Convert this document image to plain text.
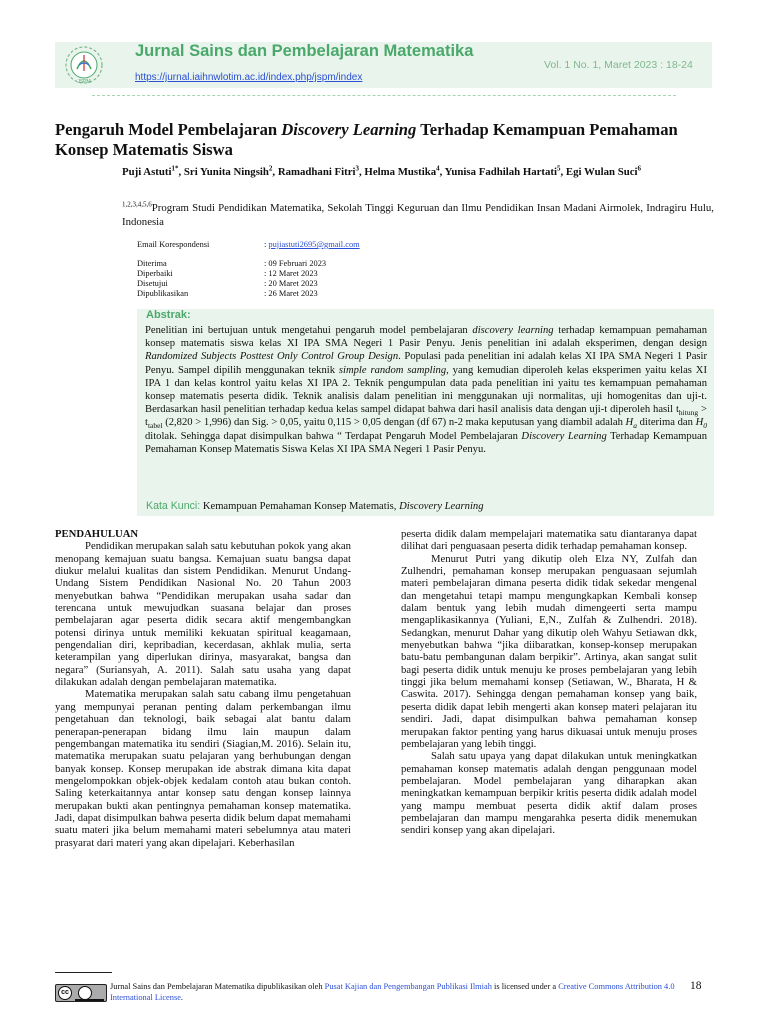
JSPM
Jurnal Sains dan Pembelajaran Matematika
https://jurnal.iaihnwlotim.ac.id/index.php/jspm/index
Vol. 1 No. 1, Maret 2023 : 18-24
Pengaruh Model Pembelajaran Discovery Learning Terhadap Kemampuan Pemahaman Konsep Matematis Siswa
Puji Astuti$^{1*}$, Sri Yunita Ningsih$^2$, Ramadhani Fitri$^3$, Helma Mustika$^4$, Yunisa Fadhilah Hartati$^5$, Egi Wulan Suci$^6$
$^{1,2,3,4,5,6}$Program Studi Pendidikan Matematika, Sekolah Tinggi Keguruan dan Ilmu Pendidikan Insan Madani Airmolek, Indragiru Hulu, Indonesia
Email Korespondensi	: pujiastuti2695@gmail.com
Diterima	: 09 Februari 2023
Diperbaiki	: 12 Maret 2023
Disetujui	: 20 Maret 2023
Dipublikasikan	: 26 Maret 2023
Abstrak:

Penelitian ini bertujuan untuk mengetahui pengaruh model pembelajaran discovery learning terhadap kemampuan pemahaman konsep matematis siswa kelas XI IPA SMA Negeri 1 Pasir Penyu. Jenis penelitian ini adalah eksperimen, dengan design Randomized Subjects Posttest Only Control Group Design. Populasi pada penelitian ini adalah kelas XI IPA SMA Negeri 1 Pasir Penyu. Sampel dipilih menggunakan teknik simple random sampling, yang kemudian diperoleh kelas eksperimen yaitu kelas XI IPA 1 dan kelas kontrol yaitu kelas XI IPA 2. Teknik pengumpulan data pada penelitian ini yaitu tes kemampuan pemahaman konsep matematis peserta didik. Teknik analisis dalam penelitian ini menggunakan uji normalitas, uji homogenitas dan uji-t. Berdasarkan hasil penelitian terhadap kedua kelas sampel didapat bahwa dari hasil analisis data dengan uji-t diperoleh hasil $t_{hitung} > t_{tabel}$ (2,820 > 1,996) dan Sig. > 0,05, yaitu 0,115 > 0,05 dengan (df 67) n-2 maka keputusan yang diambil adalah $H_a$ diterima dan $H_0$ ditolak. Sehingga dapat disimpulkan bahwa “ Terdapat Pengaruh Model Pembelajaran Discovery Learning Terhadap Kemampuan Pemahaman Konsep Matematis Siswa Kelas XI IPA SMA Negeri 1 Pasir Penyu.

Kata Kunci: Kemampuan Pemahaman Konsep Matematis, Discovery Learning

PENDAHULUAN

Pendidikan merupakan salah satu kebutuhan pokok yang akan menopang kemajuan suatu bangsa. Kemajuan suatu bangsa dapat diukur melalui kualitas dan sistem Pendidikan. Menurut Undang-Undang Sistem Pendidikan Nasional No. 20 Tahun 2003 menyebutkan bahwa “Pendidikan merupakan usaha sadar dan terencana untuk mewujudkan suasana belajar dan proses pembelajaran agar peserta didik secara aktif mengembangkan potensi dirinya untuk memiliki kekuatan spiritual keagamaan, pengendalian diri, kepribadian, kecerdasan, akhlak mulia, serta keterampilan yang diperlukan dirinya, masyarakat, bangsa dan negara” (Suriansyah, A. 2011). Salah satu usaha yang dapat dilakukan adalah dengan pembelajaran matematika.

Matematika merupakan salah satu cabang ilmu pengetahuan yang mempunyai peranan penting dalam perkembangan ilmu pengetahuan dan teknologi, baik sebagai alat bantu dalam penerapan-penerapan bidang ilmu lain maupun dalam pengembangan matematika itu sendiri (Siagian,M. 2016). Selain itu, matematika merupakan suatu pelajaran yang berhubungan dengan banyak konsep. Konsep merupakan ide abstrak dimana kita dapat mengelompokkan objek-objek kedalam contoh atau bukan contoh. Saling keterkaitannya antar konsep satu dengan konsep lainnya merupakan bukti akan pentingnya pemahaman konsep matematika. Jadi, dapat disimpulkan bahwa peserta didik belum dapat memahami suatu materi jika belum memahami materi sebelumnya atau materi prasyarat dari materi yang akan dipelajari. Keberhasilan

peserta didik dalam mempelajari matematika satu diantaranya dapat dilihat dari penguasaan peserta didik terhadap pemahaman konsep.

Menurut Putri yang dikutip oleh Elza NY, Zulfah dan Zulhendri, pemahaman konsep merupakan penguasaan sejumlah materi pembelajaran dimana peserta didik tidak sekedar mengenal dan mengetahui tetapi mampu mengungkapkan Kembali konsep dalam bentuk yang lebih mudah dimengeerti serta mampu mengaplikasikannya (Yuliani, E,N., Zulfah & Zulhendri. 2018). Sedangkan, menurut Dahar yang dikutip oleh Wahyu Setiawan dkk, menyebutkan bahwa “jika diibaratkan, konsep-konsep merupakan batu-batu pembangunan dalam berpikir”. Artinya, akan sangat sulit bagi peserta didik untuk menuju ke proses pembelajaran yang lebih tinggi jika belum memahami konsep (Setiawan, W., Bharata, H & Caswita. 2017). Sehingga dengan pemahaman konsep yang baik, peserta didik dapat lebih mengerti akan konsep materi pelajaran itu sendiri. Jadi, dapat disimpulkan bahwa pemahaman konsep merupakan faktor penting yang harus dikuasai untuk menuju proses pembelajaran yang lebih tinggi.

Salah satu upaya yang dapat dilakukan untuk meningkatkan pemahaman konsep matematis adalah dengan penggunaan model pembelajaran. Model pembelajaran yang diharapkan akan meningkatkan kemampuan berpikir kritis peserta didik adalah model yang mampu membuat peserta didik aktif dalam proses pembelajaran dan mampu mengarahka peserta didik menemukan sendiri konsep yang akan dipelajari.

cc
Jurnal Sains dan Pembelajaran Matematika dipublikasikan oleh Pusat Kajian dan Pengembangan Publikasi Ilmiah is licensed under a Creative Commons Attribution 4.0 International License.
18
